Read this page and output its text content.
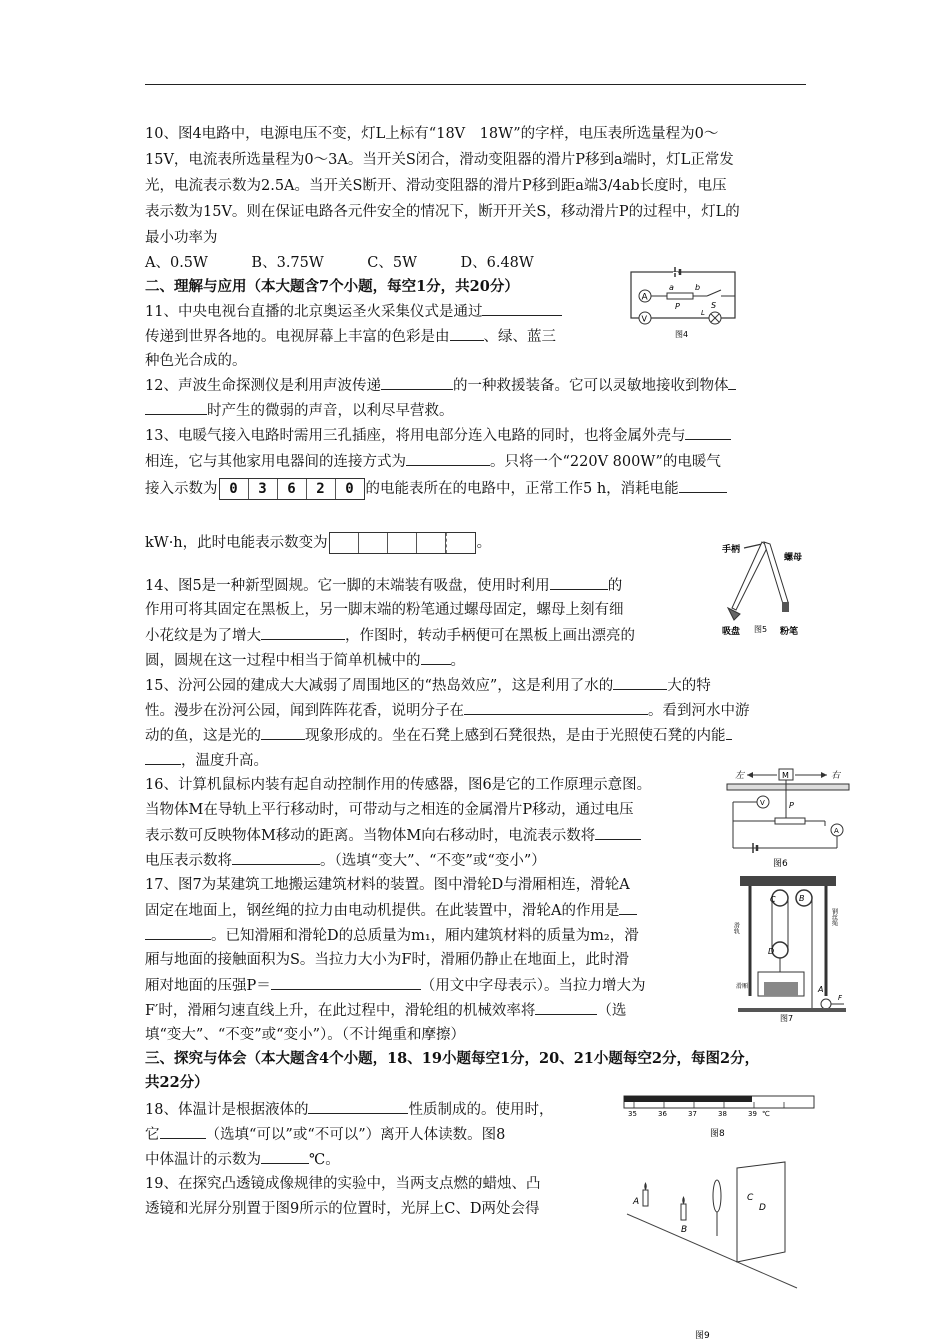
10、图4电路中，电源电压不变，灯L上标有“18V　18W”的字样，电压表所选量程为0～
15V，电流表所选量程为0～3A。当开关S闭合，滑动变阻器的滑片P移到a端时，灯L正常发
光，电流表示数为2.5A。当开关S断开、滑动变阻器的滑片P移到距a端3/4ab长度时，电压
表示数为15V。则在保证电路各元件安全的情况下，断开开关S，移动滑片P的过程中，灯L的
最小功率为
A、0.5W　　　B、3.75W　　　C、5W　　　D、6.48W
二、理解与应用（本大题含7个小题，每空1分，共20分）
11、中央电视台直播的北京奥运圣火采集仪式是通过
传递到世界各地的。电视屏幕上丰富的色彩是由 、绿、蓝三
种色光合成的。
12、声波生命探测仪是利用声波传递	的一种救援装备。它可以灵敏地接收到物体
时产生的微弱的声音，以利尽早营救。
13、电暖气接入电路时需用三孔插座，将用电部分连入电路的同时，也将金属外壳与
相连，它与其他家用电器间的连接方式为	。只将一个“220V 800W”的电暖气
接入示数为 0	3	6	2	0 的电能表所在的电路中，正常工作5 h，消耗电能
kW·h，此时电能表示数变为	。
14、图5是一种新型圆规。它一脚的末端装有吸盘，使用时利用	的
作用可将其固定在黑板上，另一脚末端的粉笔通过螺母固定，螺母上刻有细
小花纹是为了增大	，作图时，转动手柄便可在黑板上画出漂亮的
圆，圆规在这一过程中相当于简单机械中的 。
15、汾河公园的建成大大减弱了周围地区的“热岛效应”，这是利用了水的	大的特
性。漫步在汾河公园，闻到阵阵花香，说明分子在	。看到河水中游
动的鱼，这是光的	现象形成的。坐在石凳上感到石凳很热，是由于光照使石凳的内能
，温度升高。
16、计算机鼠标内装有起自动控制作用的传感器，图6是它的工作原理示意图。
当物体M在导轨上平行移动时，可带动与之相连的金属滑片P移动，通过电压
表示数可反映物体M移动的距离。当物体M向右移动时，电流表示数将
电压表示数将	。（选填“变大”、“不变”或“变小”）
17、图7为某建筑工地搬运建筑材料的装置。图中滑轮D与滑厢相连，滑轮A
固定在地面上，钢丝绳的拉力由电动机提供。在此装置中，滑轮A的作用是
。已知滑厢和滑轮D的总质量为m₁，厢内建筑材料的质量为m₂，滑
厢与地面的接触面积为S。当拉力大小为F时，滑厢仍静止在地面上，此时滑
厢对地面的压强P＝	（用文中字母表示）。当拉力增大为
F′时，滑厢匀速直线上升，在此过程中，滑轮组的机械效率将	（选
填“变大”、“不变”或“变小”）。（不计绳重和摩擦）
三、探究与体会（本大题含4个小题，18、19小题每空1分，20、21小题每空2分，每图2分，
共22分）
18、体温计是根据液体的	性质制成的。使用时，
它	（选填“可以”或“不可以”）离开人体读数。图8
中体温计的示数为	℃。
19、在探究凸透镜成像规律的实验中，当两支点燃的蜡烛、凸
透镜和光屏分别置于图9所示的位置时，光屏上C、D两处会得
A
a
P
b
S
V
L
图4
手柄
螺母
吸盘 图5 粉笔
左	M	右
V	P
A
图6
C	B
D
A
F
滑轨
钢丝绳
滑厢
图7
35	36	37	38	39 ℃
图8
A
B
C
D
图9
